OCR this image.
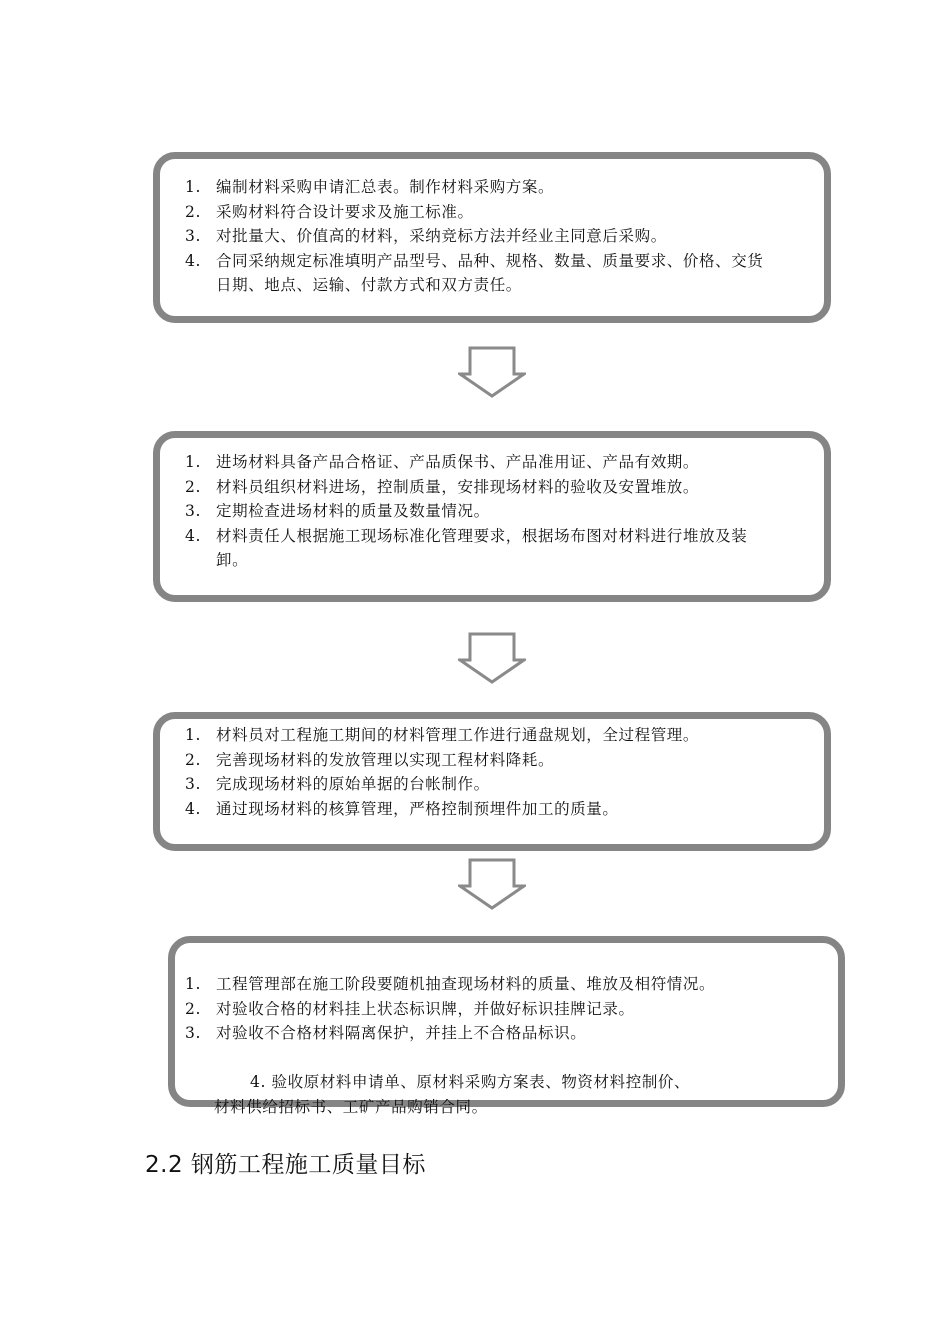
1. 编制材料采购申请汇总表。制作材料采购方案。
2. 采购材料符合设计要求及施工标准。
3. 对批量大、价值高的材料，采纳竞标方法并经业主同意后采购。
4. 合同采纳规定标准填明产品型号、品种、规格、数量、质量要求、价格、交货日期、地点、运输、付款方式和双方责任。
1. 进场材料具备产品合格证、产品质保书、产品准用证、产品有效期。
2. 材料员组织材料进场，控制质量，安排现场材料的验收及安置堆放。
3. 定期检查进场材料的质量及数量情况。
4. 材料责任人根据施工现场标准化管理要求，根据场布图对材料进行堆放及装卸。
1. 材料员对工程施工期间的材料管理工作进行通盘规划，全过程管理。
2. 完善现场材料的发放管理以实现工程材料降耗。
3. 完成现场材料的原始单据的台帐制作。
4. 通过现场材料的核算管理，严格控制预埋件加工的质量。
1. 工程管理部在施工阶段要随机抽查现场材料的质量、堆放及相符情况。
2. 对验收合格的材料挂上状态标识牌，并做好标识挂牌记录。
3. 对验收不合格材料隔离保护，并挂上不合格品标识。

4. 验收原材料申请单、原材料采购方案表、物资材料控制价、

材料供给招标书、工矿产品购销合同。

2.2 钢筋工程施工质量目标
